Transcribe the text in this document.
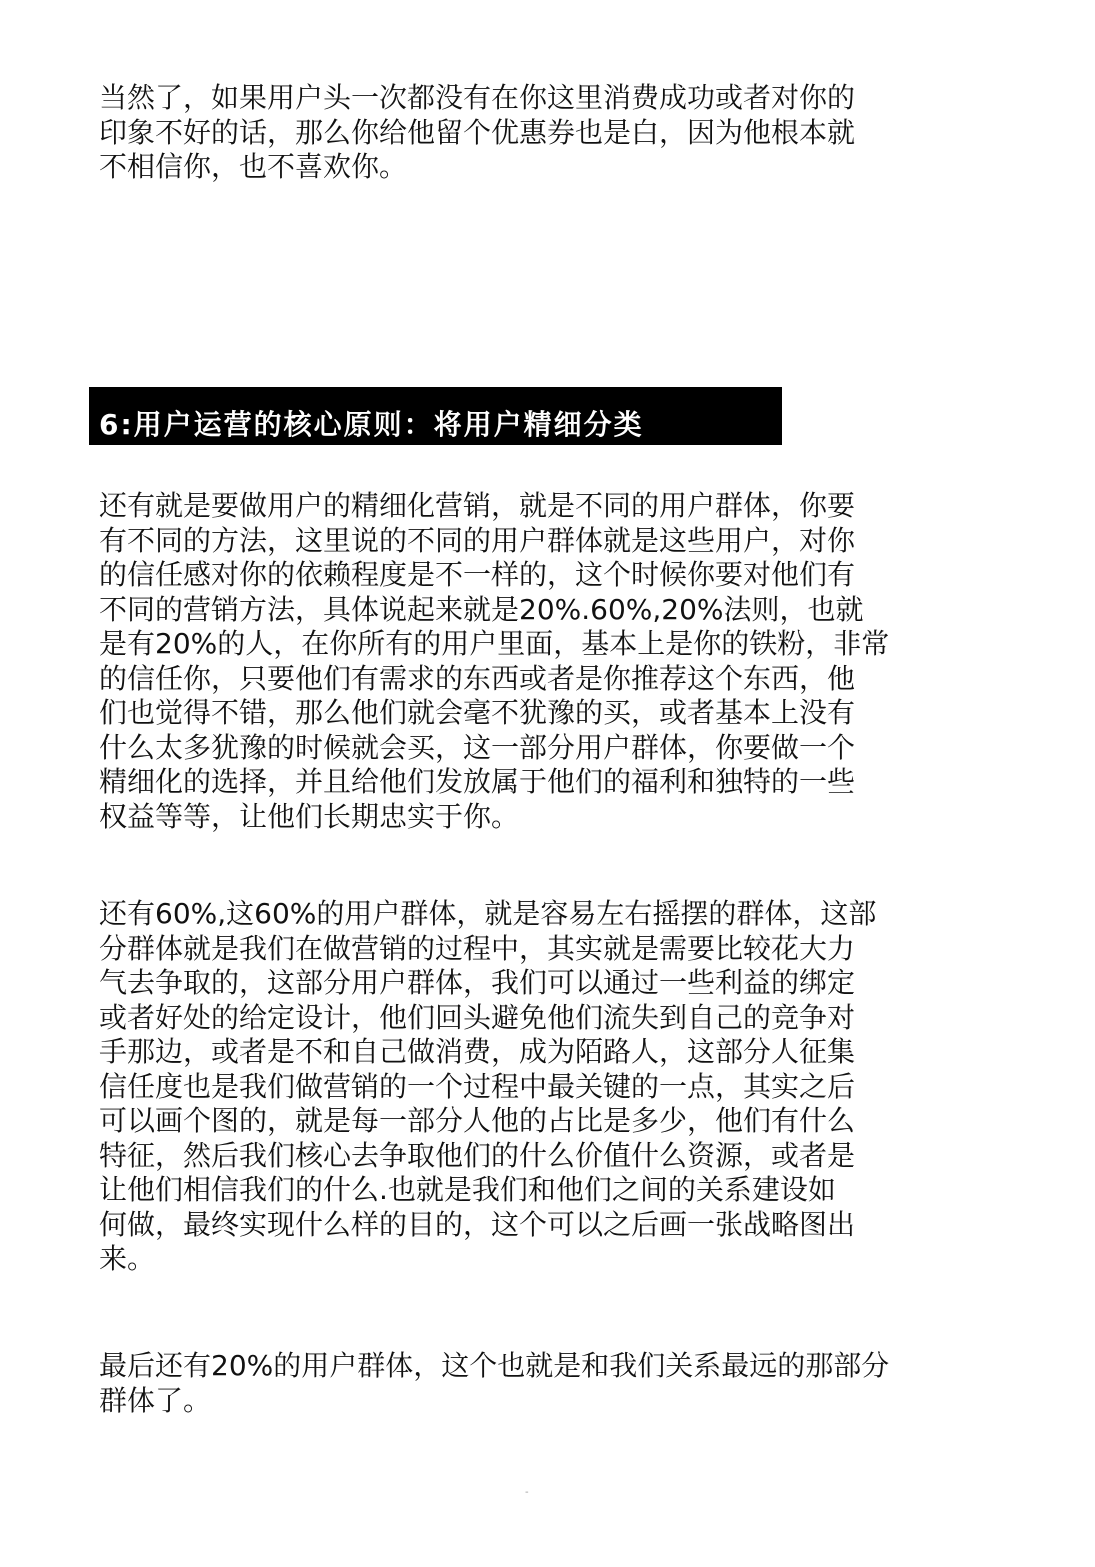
当然了，如果用户头一次都没有在你这里消费成功或者对你的
印象不好的话，那么你给他留个优惠券也是白，因为他根本就
不相信你，也不喜欢你。

6:用户运营的核心原则：将用户精细分类

还有就是要做用户的精细化营销，就是不同的用户群体，你要
有不同的方法，这里说的不同的用户群体就是这些用户，对你
的信任感对你的依赖程度是不一样的，这个时候你要对他们有
不同的营销方法，具体说起来就是20%.60%,20%法则，也就
是有20%的人，在你所有的用户里面，基本上是你的铁粉，非常
的信任你，只要他们有需求的东西或者是你推荐这个东西，他
们也觉得不错，那么他们就会毫不犹豫的买，或者基本上没有
什么太多犹豫的时候就会买，这一部分用户群体，你要做一个
精细化的选择，并且给他们发放属于他们的福利和独特的一些
权益等等，让他们长期忠实于你。

还有60%,这60%的用户群体，就是容易左右摇摆的群体，这部
分群体就是我们在做营销的过程中，其实就是需要比较花大力
气去争取的，这部分用户群体，我们可以通过一些利益的绑定
或者好处的给定设计，他们回头避免他们流失到自己的竞争对
手那边，或者是不和自己做消费，成为陌路人，这部分人征集
信任度也是我们做营销的一个过程中最关键的一点，其实之后
可以画个图的，就是每一部分人他的占比是多少，他们有什么
特征，然后我们核心去争取他们的什么价值什么资源，或者是
让他们相信我们的什么.也就是我们和他们之间的关系建设如
何做，最终实现什么样的目的，这个可以之后画一张战略图出
来。

最后还有20%的用户群体，这个也就是和我们关系最远的那部分
群体了。

-
